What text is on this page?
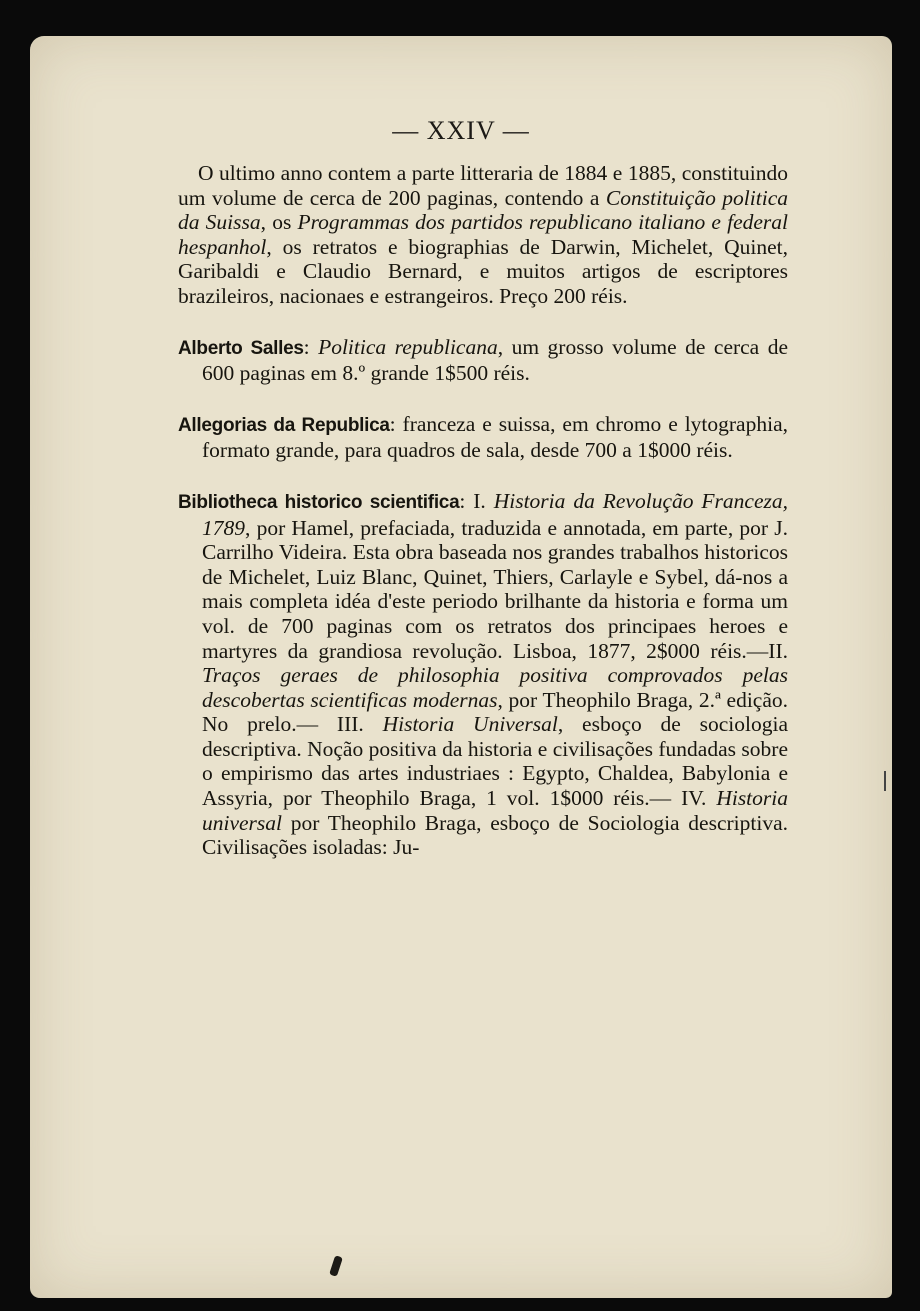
— XXIV —

O ultimo anno contem a parte litteraria de 1884 e 1885, constituindo um volume de cerca de 200 paginas, contendo a Constituição politica da Suissa, os Programmas dos partidos republicano italiano e federal hespanhol, os retratos e biographias de Darwin, Michelet, Quinet, Garibaldi e Claudio Bernard, e muitos artigos de escriptores brazileiros, nacionaes e estrangeiros. Preço 200 réis.

Alberto Salles: Politica republicana, um grosso volume de cerca de 600 paginas em 8.º grande 1$500 réis.

Allegorias da Republica: franceza e suissa, em chromo e lytographia, formato grande, para quadros de sala, desde 700 a 1$000 réis.

Bibliotheca historico scientifica: I. Historia da Revolução Franceza, 1789, por Hamel, prefaciada, traduzida e annotada, em parte, por J. Carrilho Videira. Esta obra baseada nos grandes trabalhos historicos de Michelet, Luiz Blanc, Quinet, Thiers, Carlayle e Sybel, dá-nos a mais completa idéa d'este periodo brilhante da historia e forma um vol. de 700 paginas com os retratos dos principaes heroes e martyres da grandiosa revolução. Lisboa, 1877, 2$000 réis.—II. Traços geraes de philosophia positiva comprovados pelas descobertas scientificas modernas, por Theophilo Braga, 2.ª edição. No prelo.— III. Historia Universal, esboço de sociologia descriptiva. Noção positiva da historia e civilisações fundadas sobre o empirismo das artes industriaes : Egypto, Chaldea, Babylonia e Assyria, por Theophilo Braga, 1 vol. 1$000 réis.— IV. Historia universal por Theophilo Braga, esboço de Sociologia descriptiva. Civilisações isoladas: Ju-
